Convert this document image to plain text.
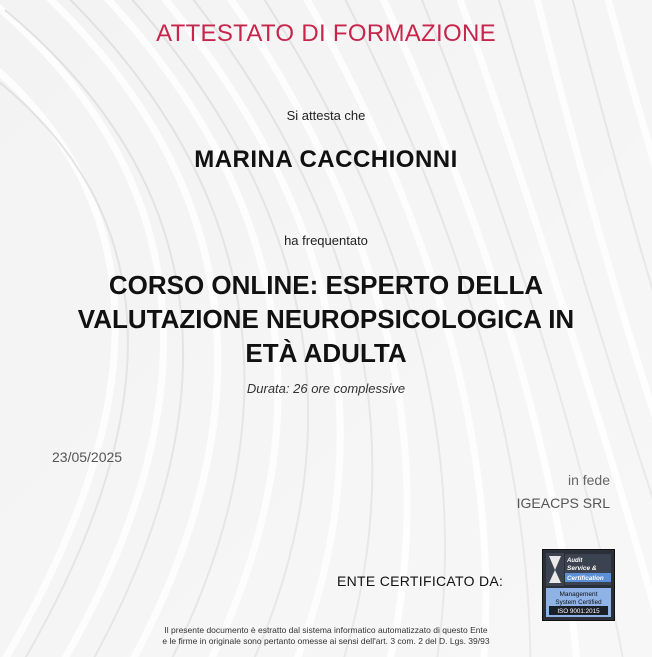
ATTESTATO DI FORMAZIONE
Si attesta che
MARINA CACCHIONNI
ha frequentato
CORSO ONLINE: ESPERTO DELLA
VALUTAZIONE NEUROPSICOLOGICA IN
ETÀ ADULTA
Durata: 26 ore complessive
23/05/2025
in fede
IGEACPS SRL
ENTE CERTIFICATO DA:
Audit
Service &
Certification
Management
System Certified
ISO 9001:2015
Il presente documento è estratto dal sistema informatico automatizzato di questo Ente
e le firme in originale sono pertanto omesse ai sensi dell'art. 3 com. 2 del D. Lgs. 39/93
